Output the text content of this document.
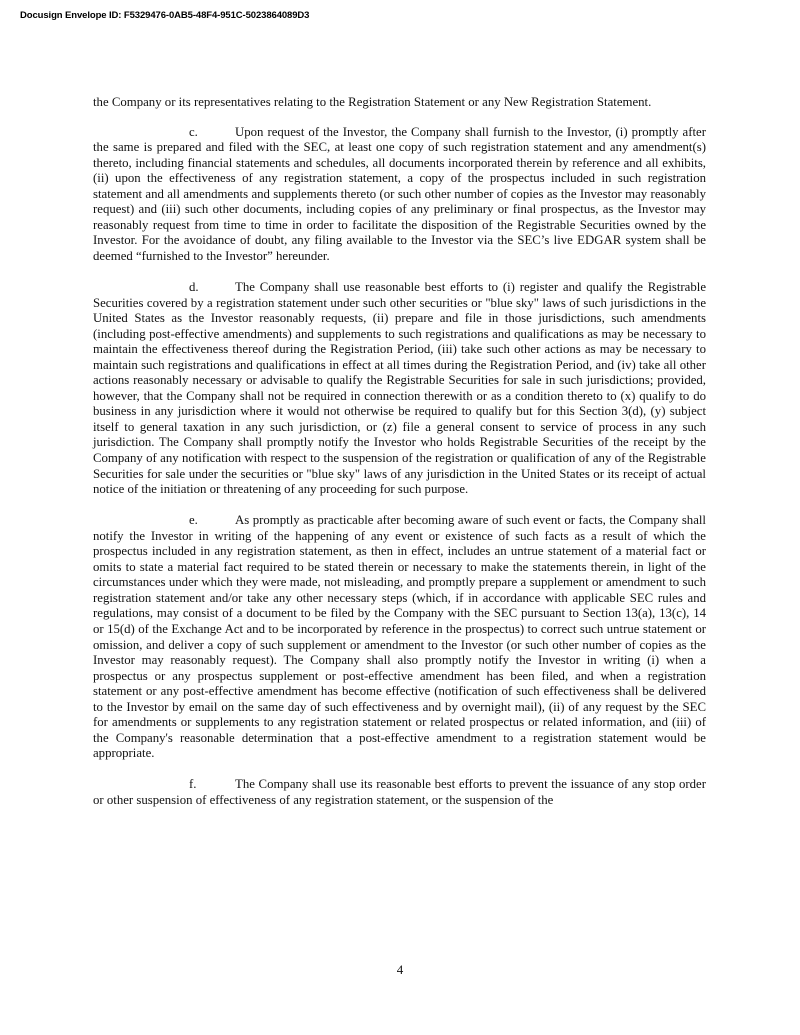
Docusign Envelope ID: F5329476-0AB5-48F4-951C-5023864089D3

the Company or its representatives relating to the Registration Statement or any New Registration Statement.

c.	Upon request of the Investor, the Company shall furnish to the Investor, (i) promptly after the same is prepared and filed with the SEC, at least one copy of such registration statement and any amendment(s) thereto, including financial statements and schedules, all documents incorporated therein by reference and all exhibits, (ii) upon the effectiveness of any registration statement, a copy of the prospectus included in such registration statement and all amendments and supplements thereto (or such other number of copies as the Investor may reasonably request) and (iii) such other documents, including copies of any preliminary or final prospectus, as the Investor may reasonably request from time to time in order to facilitate the disposition of the Registrable Securities owned by the Investor. For the avoidance of doubt, any filing available to the Investor via the SEC’s live EDGAR system shall be deemed “furnished to the Investor” hereunder.

d.	The Company shall use reasonable best efforts to (i) register and qualify the Registrable Securities covered by a registration statement under such other securities or "blue sky" laws of such jurisdictions in the United States as the Investor reasonably requests, (ii) prepare and file in those jurisdictions, such amendments (including post-effective amendments) and supplements to such registrations and qualifications as may be necessary to maintain the effectiveness thereof during the Registration Period, (iii) take such other actions as may be necessary to maintain such registrations and qualifications in effect at all times during the Registration Period, and (iv) take all other actions reasonably necessary or advisable to qualify the Registrable Securities for sale in such jurisdictions; provided, however, that the Company shall not be required in connection therewith or as a condition thereto to (x) qualify to do business in any jurisdiction where it would not otherwise be required to qualify but for this Section 3(d), (y) subject itself to general taxation in any such jurisdiction, or (z) file a general consent to service of process in any such jurisdiction. The Company shall promptly notify the Investor who holds Registrable Securities of the receipt by the Company of any notification with respect to the suspension of the registration or qualification of any of the Registrable Securities for sale under the securities or "blue sky" laws of any jurisdiction in the United States or its receipt of actual notice of the initiation or threatening of any proceeding for such purpose.

e.	As promptly as practicable after becoming aware of such event or facts, the Company shall notify the Investor in writing of the happening of any event or existence of such facts as a result of which the prospectus included in any registration statement, as then in effect, includes an untrue statement of a material fact or omits to state a material fact required to be stated therein or necessary to make the statements therein, in light of the circumstances under which they were made, not misleading, and promptly prepare a supplement or amendment to such registration statement and/or take any other necessary steps (which, if in accordance with applicable SEC rules and regulations, may consist of a document to be filed by the Company with the SEC pursuant to Section 13(a), 13(c), 14 or 15(d) of the Exchange Act and to be incorporated by reference in the prospectus) to correct such untrue statement or omission, and deliver a copy of such supplement or amendment to the Investor (or such other number of copies as the Investor may reasonably request). The Company shall also promptly notify the Investor in writing (i) when a prospectus or any prospectus supplement or post-effective amendment has been filed, and when a registration statement or any post-effective amendment has become effective (notification of such effectiveness shall be delivered to the Investor by email on the same day of such effectiveness and by overnight mail), (ii) of any request by the SEC for amendments or supplements to any registration statement or related prospectus or related information, and (iii) of the Company's reasonable determination that a post-effective amendment to a registration statement would be appropriate.

f.	The Company shall use its reasonable best efforts to prevent the issuance of any stop order or other suspension of effectiveness of any registration statement, or the suspension of the

4
